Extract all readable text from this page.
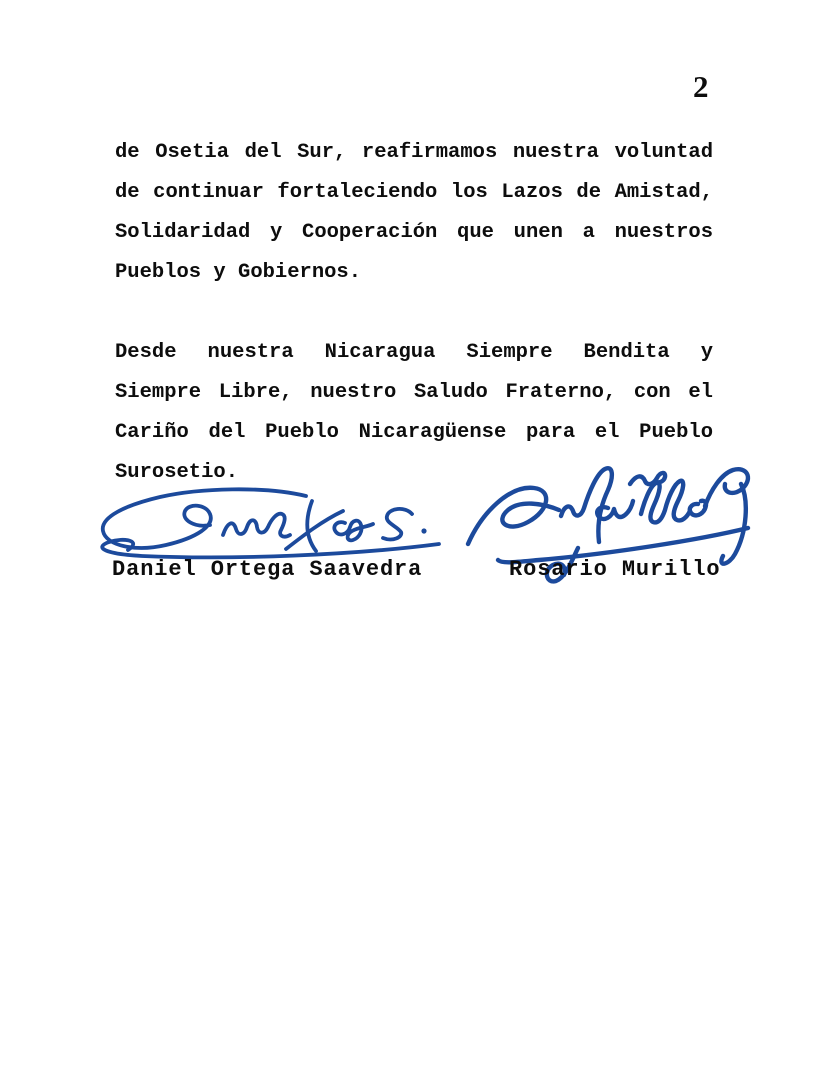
2
de Osetia del Sur, reafirmamos nuestra voluntad
de continuar fortaleciendo los Lazos de Amistad,
Solidaridad y Cooperación que unen a nuestros
Pueblos y Gobiernos.
Desde nuestra Nicaragua Siempre Bendita y
Siempre Libre, nuestro Saludo Fraterno, con el
Cariño del Pueblo Nicaragüense para el Pueblo
Surosetio.
Daniel Ortega Saavedra	Rosario Murillo
